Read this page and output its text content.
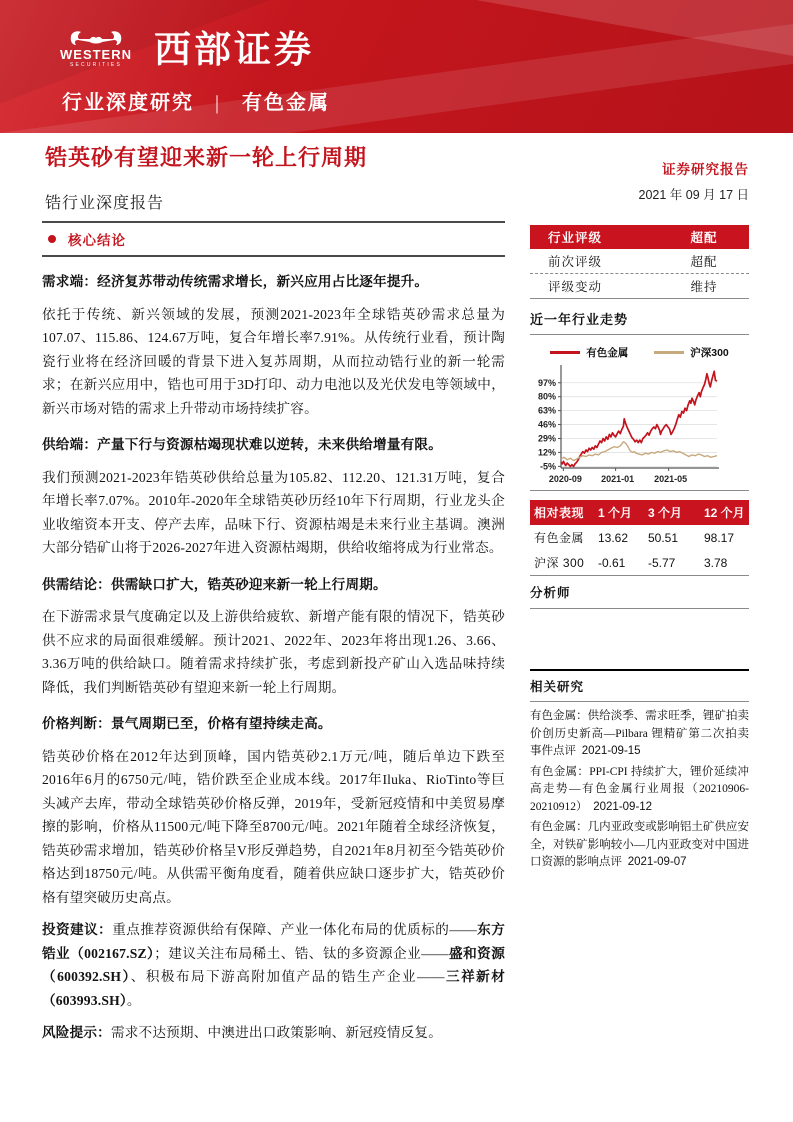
WESTERN
SECURITIES 西部证券
行业深度研究 | 有色金属
锆英砂有望迎来新一轮上行周期	证券研究报告
2021 年 09 月 17 日
锆行业深度报告
核心结论
需求端：经济复苏带动传统需求增长，新兴应用占比逐年提升。
依托于传统、新兴领域的发展，预测2021-2023年全球锆英砂需求总量为107.07、115.86、124.67万吨，复合年增长率7.91%。从传统行业看，预计陶瓷行业将在经济回暖的背景下进入复苏周期，从而拉动锆行业的新一轮需求；在新兴应用中，锆也可用于3D打印、动力电池以及光伏发电等领域中，新兴市场对锆的需求上升带动市场持续扩容。
供给端：产量下行与资源枯竭现状难以逆转，未来供给增量有限。
我们预测2021-2023年锆英砂供给总量为105.82、112.20、121.31万吨，复合年增长率7.07%。2010年-2020年全球锆英砂历经10年下行周期，行业龙头企业收缩资本开支、停产去库，品味下行、资源枯竭是未来行业主基调。澳洲大部分锆矿山将于2026-2027年进入资源枯竭期，供给收缩将成为行业常态。
供需结论：供需缺口扩大，锆英砂迎来新一轮上行周期。
在下游需求景气度确定以及上游供给疲软、新增产能有限的情况下，锆英砂供不应求的局面很难缓解。预计2021、2022年、2023年将出现1.26、3.66、3.36万吨的供给缺口。随着需求持续扩张，考虑到新投产矿山入选品味持续降低，我们判断锆英砂有望迎来新一轮上行周期。
价格判断：景气周期已至，价格有望持续走高。
锆英砂价格在2012年达到顶峰，国内锆英砂2.1万元/吨，随后单边下跌至2016年6月的6750元/吨，锆价跌至企业成本线。2017年Iluka、RioTinto等巨头减产去库，带动全球锆英砂价格反弹，2019年，受新冠疫情和中美贸易摩擦的影响，价格从11500元/吨下降至8700元/吨。2021年随着全球经济恢复，锆英砂需求增加，锆英砂价格呈V形反弹趋势，自2021年8月初至今锆英砂价格达到18750元/吨。从供需平衡角度看，随着供应缺口逐步扩大，锆英砂价格有望突破历史高点。
投资建议：重点推荐资源供给有保障、产业一体化布局的优质标的——东方锆业（002167.SZ）；建议关注布局稀土、锆、钛的多资源企业——盛和资源（600392.SH）、积极布局下游高附加值产品的锆生产企业——三祥新材（603993.SH）。
风险提示：需求不达预期、中澳进出口政策影响、新冠疫情反复。
行业评级	超配
前次评级	超配
评级变动	维持
近一年行业走势
有色金属	沪深300
-5%
12%
29%
46%
63%
80%
97%
2020-09 2021-01 2021-05
相对表现	1 个月	3 个月	12 个月
有色金属	13.62	50.51	98.17
沪深 300	-0.61	-5.77	3.78
分析师
相关研究
有色金属：供给淡季、需求旺季，锂矿拍卖价创历史新高—Pilbara 锂精矿第二次拍卖事件点评 2021-09-15
有色金属：PPI-CPI 持续扩大，锂价延续冲高走势—有色金属行业周报（20210906-20210912） 2021-09-12
有色金属：几内亚政变或影响铝土矿供应安全，对铁矿影响较小—几内亚政变对中国进口资源的影响点评 2021-09-07
